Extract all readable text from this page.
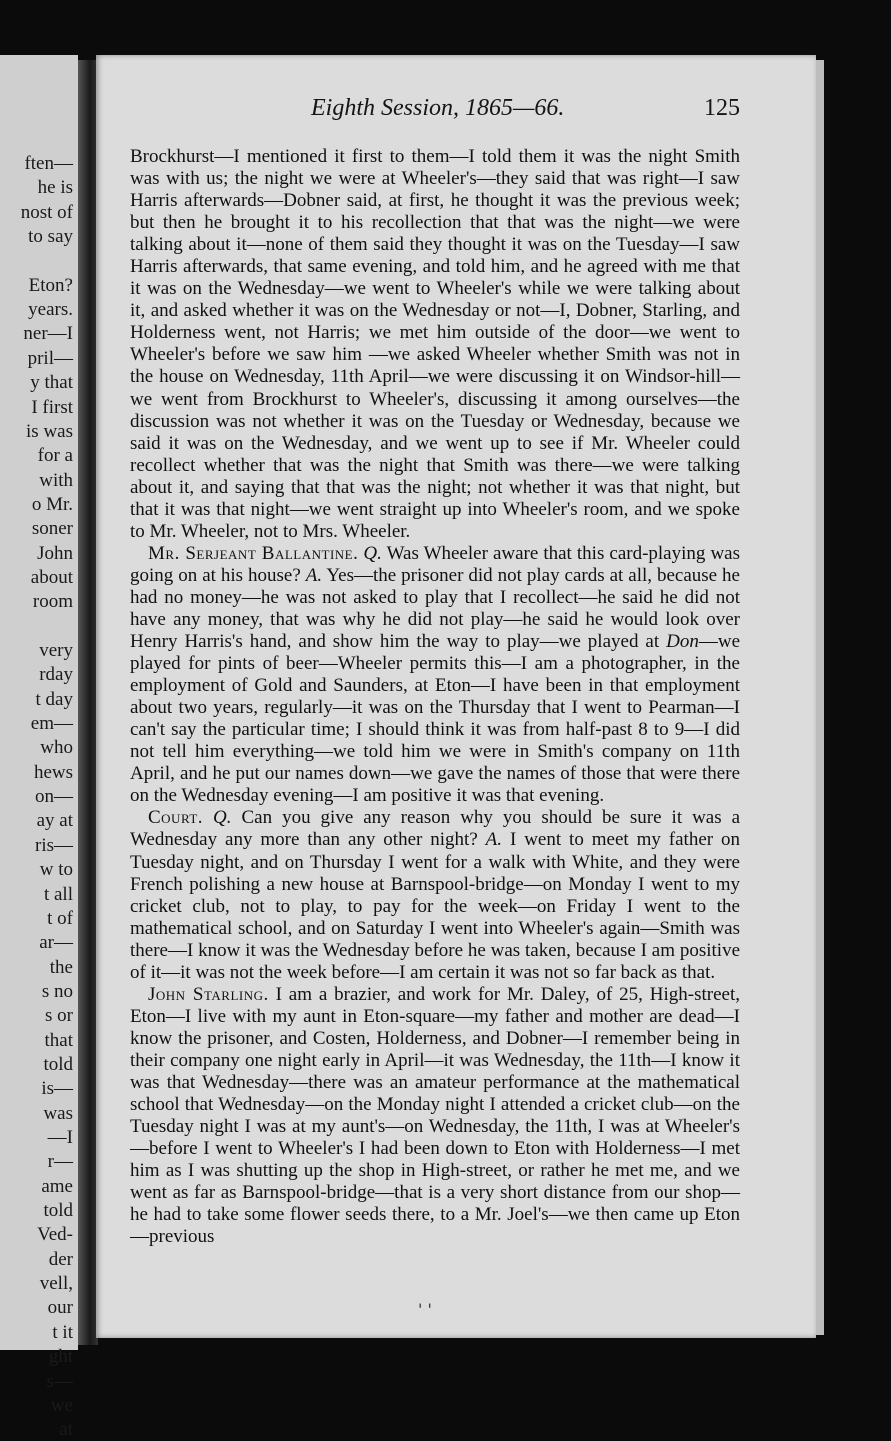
ften—
he is
nost of
to say
Eton?
years.
ner—I
pril—
y that
I first
is was
for a
with
o Mr.
soner
John
about
room
very
rday
t day
em—
who
hews
on—
ay at
ris—
w to
t all
t of
ar—
the
s no
s or
that
told
is—
was
—I
r—
ame
told
Ved-
der
vell,
our
t it
ght
s—
we
at
Eighth Session, 1865—66.	125

Brockhurst—I mentioned it first to them—I told them it was the night Smith was with us; the night we were at Wheeler's—they said that was right—I saw Harris afterwards—Dobner said, at first, he thought it was the previous week; but then he brought it to his recollection that that was the night—we were talking about it—none of them said they thought it was on the Tuesday—I saw Harris afterwards, that same evening, and told him, and he agreed with me that it was on the Wednesday—we went to Wheeler's while we were talking about it, and asked whether it was on the Wednesday or not—I, Dobner, Starling, and Holderness went, not Harris; we met him outside of the door—we went to Wheeler's before we saw him —we asked Wheeler whether Smith was not in the house on Wednesday, 11th April—we were discussing it on Windsor-hill—we went from Brockhurst to Wheeler's, discussing it among ourselves—the discussion was not whether it was on the Tuesday or Wednesday, because we said it was on the Wednesday, and we went up to see if Mr. Wheeler could recollect whether that was the night that Smith was there—we were talking about it, and saying that that was the night; not whether it was that night, but that it was that night—we went straight up into Wheeler's room, and we spoke to Mr. Wheeler, not to Mrs. Wheeler.

Mr. Serjeant Ballantine. Q. Was Wheeler aware that this card-playing was going on at his house? A. Yes—the prisoner did not play cards at all, because he had no money—he was not asked to play that I recollect—he said he did not have any money, that was why he did not play—he said he would look over Henry Harris's hand, and show him the way to play—we played at Don—we played for pints of beer—Wheeler permits this—I am a photographer, in the employment of Gold and Saunders, at Eton—I have been in that employment about two years, regularly—it was on the Thursday that I went to Pearman—I can't say the particular time; I should think it was from half-past 8 to 9—I did not tell him everything—we told him we were in Smith's company on 11th April, and he put our names down—we gave the names of those that were there on the Wednesday evening—I am positive it was that evening.

Court. Q. Can you give any reason why you should be sure it was a Wednesday any more than any other night? A. I went to meet my father on Tuesday night, and on Thursday I went for a walk with White, and they were French polishing a new house at Barnspool-bridge—on Monday I went to my cricket club, not to play, to pay for the week—on Friday I went to the mathematical school, and on Saturday I went into Wheeler's again—Smith was there—I know it was the Wednesday before he was taken, because I am positive of it—it was not the week before—I am certain it was not so far back as that.

John Starling. I am a brazier, and work for Mr. Daley, of 25, High-street, Eton—I live with my aunt in Eton-square—my father and mother are dead—I know the prisoner, and Costen, Holderness, and Dobner—I remember being in their company one night early in April—it was Wednesday, the 11th—I know it was that Wednesday—there was an amateur performance at the mathematical school that Wednesday—on the Monday night I attended a cricket club—on the Tuesday night I was at my aunt's—on Wednesday, the 11th, I was at Wheeler's—before I went to Wheeler's I had been down to Eton with Holderness—I met him as I was shutting up the shop in High-street, or rather he met me, and we went as far as Barnspool-bridge—that is a very short distance from our shop—he had to take some flower seeds there, to a Mr. Joel's—we then came up Eton—previous

' '
